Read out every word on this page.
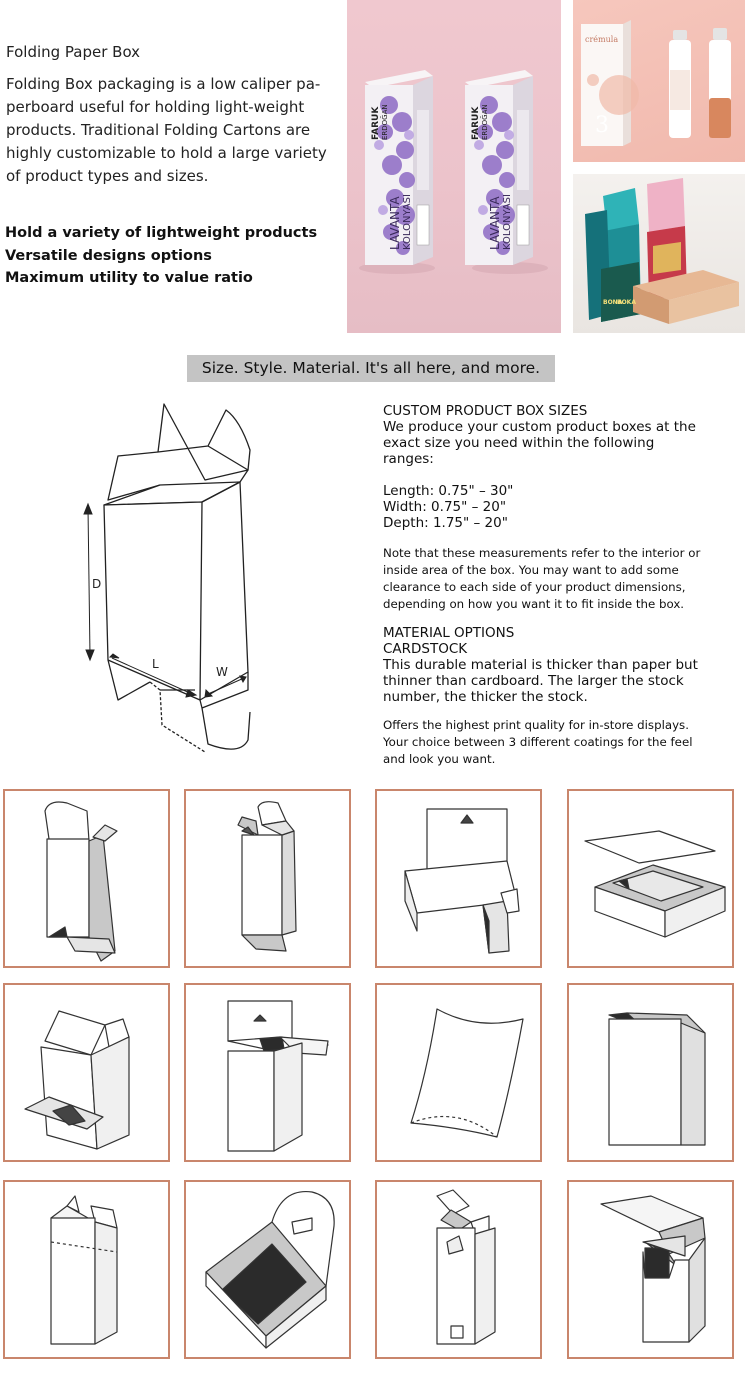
Folding Paper Box
Folding Box packaging is a low caliper pa-
perboard useful for holding light-weight
products. Traditional Folding Cartons are
highly customizable to hold a large variety
of product types and sizes.
Hold a variety of lightweight products
Versatile designs options
Maximum utility to value ratio
FARUK ERDOĞAN
LAVANTA KOLONYASI
FARUK ERDOĞAN
LAVANTA KOLONYASI
crémula
3
BONA
BOKA
Size. Style. Material. It's all here, and more.
D
L
W
CUSTOM PRODUCT BOX SIZES
We produce your custom product boxes at the
exact size you need within the following
ranges:
Length: 0.75" – 30"
Width: 0.75" – 20"
Depth: 1.75" – 20"
Note that these measurements refer to the interior or
inside area of the box. You may want to add some
clearance to each side of your product dimensions,
depending on how you want it to fit inside the box.
MATERIAL OPTIONS
CARDSTOCK
This durable material is thicker than paper but
thinner than cardboard. The larger the stock
number, the thicker the stock.
Offers the highest print quality for in-store displays.
Your choice between 3 different coatings for the feel
and look you want.
